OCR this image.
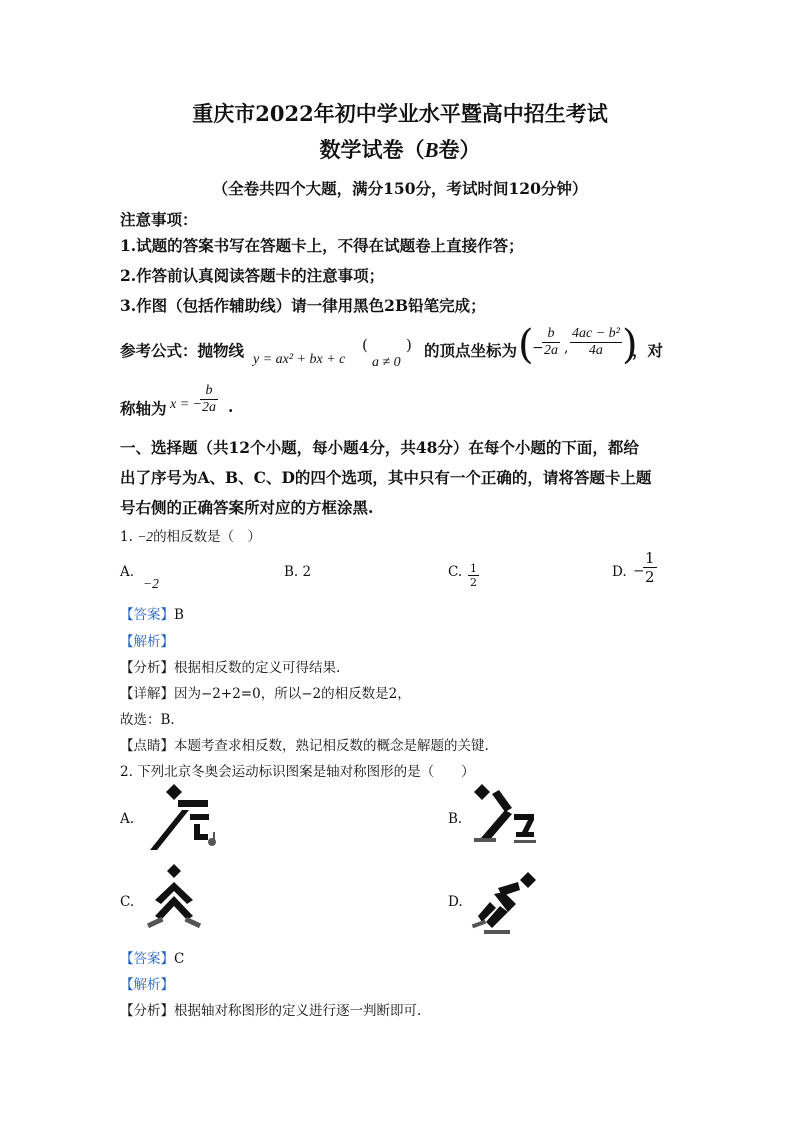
重庆市2022年初中学业水平暨高中招生考试
数学试卷（B卷）
（全卷共四个大题，满分150分，考试时间120分钟）
注意事项：
1.试题的答案书写在答题卡上，不得在试题卷上直接作答；
2.作答前认真阅读答题卡的注意事项；
3.作图（包括作辅助线）请一律用黑色2B铅笔完成；
参考公式：抛物线 y = ax² + bx + c
(
a ≠ 0
) 的顶点坐标为 (
−
$\frac{b}{2a}$ , $\frac{\text{4ac − b²}}{4a}$ )
，对
称轴为 x = −
$\frac{b}{2a}$ .
一、选择题（共12个小题，每小题4分，共48分）在每个小题的下面，都给
出了序号为A、B、C、D的四个选项，其中只有一个正确的，请将答题卡上题
号右侧的正确答案所对应的方框涂黑.
1. −2的相反数是（　）
A.
−2
B. 2	C. $\frac{1}{2}$	D. −
$\frac{1}{2}$
【答案】B
【解析】
【分析】根据相反数的定义可得结果.
【详解】因为−2+2=0，所以−2的相反数是2，
故选：B.
【点睛】本题考查求相反数，熟记相反数的概念是解题的关键.
2. 下列北京冬奥会运动标识图案是轴对称图形的是（　　）
A.	B.
C.	D.
【答案】C
【解析】
【分析】根据轴对称图形的定义进行逐一判断即可.
